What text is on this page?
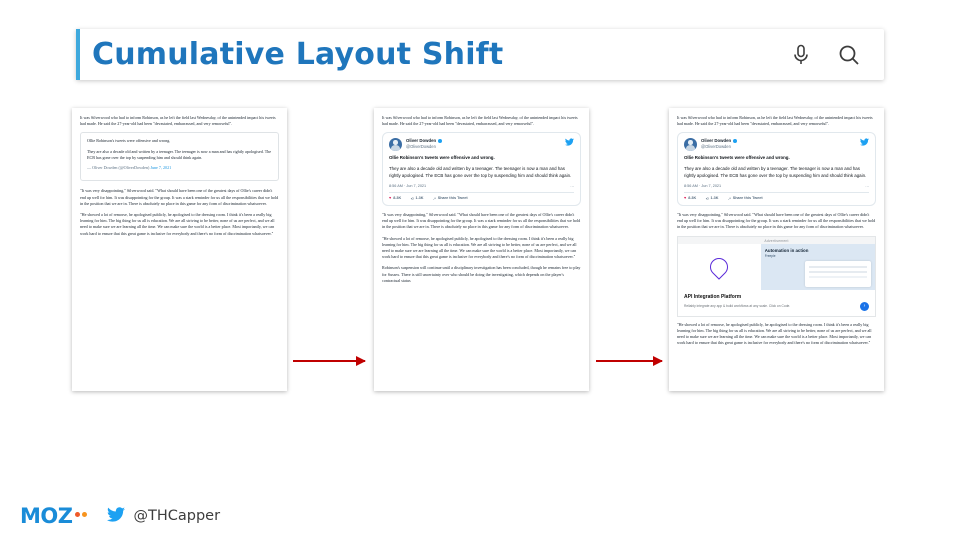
Cumulative Layout Shift

It was Silverwood who had to inform Robinson, as he left the field last Wednesday, of the unintended impact his tweets had made. He said the 27-year-old had been "devastated, embarrassed, and very remorseful".

Ollie Robinson's tweets were offensive and wrong.

They are also a decade old and written by a teenager. The teenager is now a man and has rightly apologised. The ECB has gone over the top by suspending him and should think again.

— Oliver Dowden (@OliverDowden) June 7, 2021

"It was very disappointing," Silverwood said. "What should have been one of the greatest days of Ollie's career didn't end up well for him. It was disappointing for the group. It was a stark reminder for us all the responsibilities that we hold in the position that we are in. There is absolutely no place in this game for any form of discrimination whatsoever.

"He showed a lot of remorse, he apologised publicly, he apologised to the dressing room. I think it's been a really big learning for him. The big thing for us all is education. We are all striving to be better, none of us are perfect, and we all need to make sure we are learning all the time. We can make sure the world is a better place. Most importantly, we can work hard to ensure that this great game is inclusive for everybody and there's no form of discrimination whatsoever."

It was Silverwood who had to inform Robinson, as he left the field last Wednesday, of the unintended impact his tweets had made. He said the 27-year-old had been "devastated, embarrassed, and very remorseful".

Oliver Dowden
@OliverDowden

Ollie Robinson's tweets were offensive and wrong.

They are also a decade old and written by a teenager. The teenager is now a man and has rightly apologised. The ECB has gone over the top by suspending him and should think again.

8:56 AM · Jun 7, 2021	⋯
♥ 8.3K ⟲ 1.3K ↗ Share this Tweet

"It was very disappointing," Silverwood said. "What should have been one of the greatest days of Ollie's career didn't end up well for him. It was disappointing for the group. It was a stark reminder for us all the responsibilities that we hold in the position that we are in. There is absolutely no place in this game for any form of discrimination whatsoever.

"He showed a lot of remorse, he apologised publicly, he apologised to the dressing room. I think it's been a really big learning for him. The big thing for us all is education. We are all striving to be better, none of us are perfect, and we all need to make sure we are learning all the time. We can make sure the world is a better place. Most importantly, we can work hard to ensure that this great game is inclusive for everybody and there's no form of discrimination whatsoever."

Robinson's suspension will continue until a disciplinary investigation has been concluded, though he remains free to play for Sussex. There is still uncertainty over who should be doing the investigating, which depends on the player's contractual status

It was Silverwood who had to inform Robinson, as he left the field last Wednesday, of the unintended impact his tweets had made. He said the 27-year-old had been "devastated, embarrassed, and very remorseful".

Oliver Dowden
@OliverDowden

Ollie Robinson's tweets were offensive and wrong.

They are also a decade old and written by a teenager. The teenager is now a man and has rightly apologised. The ECB has gone over the top by suspending him and should think again.

8:56 AM · Jun 7, 2021	⋯
♥ 8.3K ⟲ 1.3K ↗ Share this Tweet

"It was very disappointing," Silverwood said. "What should have been one of the greatest days of Ollie's career didn't end up well for him. It was disappointing for the group. It was a stark reminder for us all the responsibilities that we hold in the position that we are in. There is absolutely no place in this game for any form of discrimination whatsoever.

Advertisement
Automation in action
Freeple
API Integration Platform
Reliably integrate any app & build workflows at any scale. Click on Code.	›

"He showed a lot of remorse, he apologised publicly, he apologised to the dressing room. I think it's been a really big learning for him. The big thing for us all is education. We are all striving to be better, none of us are perfect, and we all need to make sure we are learning all the time. We can make sure the world is a better place. Most importantly, we can work hard to ensure that this great game is inclusive for everybody and there's no form of discrimination whatsoever."

MOZ	@THCapper
